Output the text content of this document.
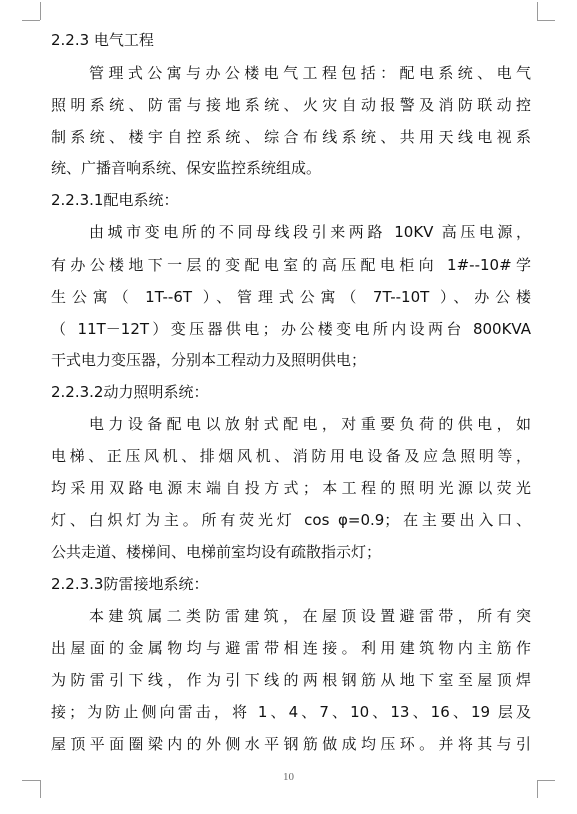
2.2.3 电气工程
管理式公寓与办公楼电气工程包括：配电系统、电气
照明系统、防雷与接地系统、火灾自动报警及消防联动控
制系统、楼宇自控系统、综合布线系统、共用天线电视系
统、广播音响系统、保安监控系统组成。
2.2.3.1配电系统：
由城市变电所的不同母线段引来两路 10KV 高压电源，
有办公楼地下一层的变配电室的高压配电柜向 1#--10#学
生公寓（ 1T--6T ）、管理式公寓（ 7T--10T ）、办公楼
（ 11T－12T）变压器供电；办公楼变电所内设两台 800KVA
干式电力变压器，分别本工程动力及照明供电；
2.2.3.2动力照明系统：
电力设备配电以放射式配电，对重要负荷的供电，如
电梯、正压风机、排烟风机、消防用电设备及应急照明等，
均采用双路电源末端自投方式；本工程的照明光源以荧光
灯、白炽灯为主。所有荧光灯 cos φ=0.9；在主要出入口、
公共走道、楼梯间、电梯前室均设有疏散指示灯；
2.2.3.3防雷接地系统：
本建筑属二类防雷建筑，在屋顶设置避雷带，所有突
出屋面的金属物均与避雷带相连接。利用建筑物内主筋作
为防雷引下线，作为引下线的两根钢筋从地下室至屋顶焊
接；为防止侧向雷击，将 1、4、7、10、13、16、19 层及
屋顶平面圈梁内的外侧水平钢筋做成均压环。并将其与引
10
